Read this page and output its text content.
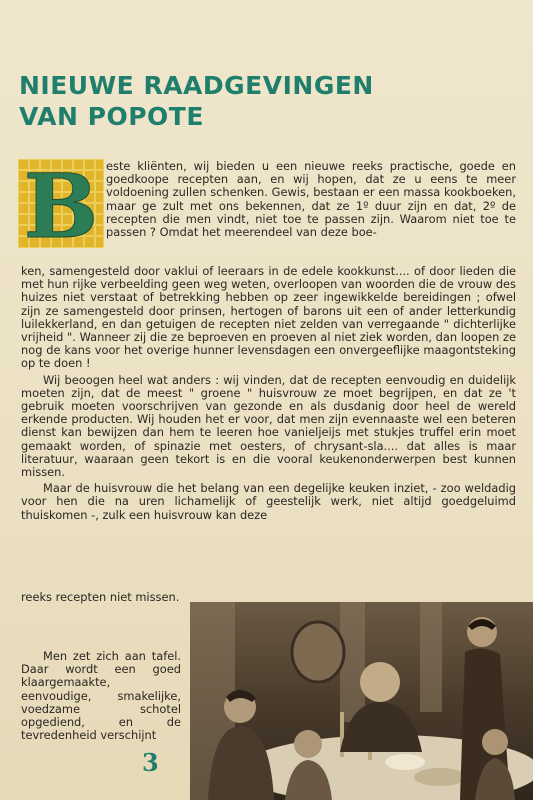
NIEUWE RAADGEVINGEN
VAN POPOTE
B este kliënten, wij bieden u een nieuwe reeks practische, goede en goedkoope recepten aan, en wij hopen, dat ze u eens te meer voldoening zullen schenken. Gewis, bestaan er een massa kookboeken, maar ge zult met ons bekennen, dat ze 1º duur zijn en dat, 2º de recepten die men vindt, niet toe te passen zijn. Waarom niet toe te passen ? Omdat het meerendeel van deze boe-

ken, samengesteld door vaklui of leeraars in de edele kookkunst.... of door lieden die met hun rijke verbeelding geen weg weten, overloopen van woorden die de vrouw des huizes niet verstaat of betrekking hebben op zeer ingewikkelde bereidingen ; ofwel zijn ze samengesteld door prinsen, hertogen of barons uit een of ander letterkundig luilekkerland, en dan getuigen de recepten niet zelden van verregaande " dichterlijke vrijheid ". Wanneer zij die ze beproeven en proeven al niet ziek worden, dan loopen ze nog de kans voor het overige hunner levensdagen een onvergeeflijke maagontsteking op te doen !

Wij beoogen heel wat anders : wij vinden, dat de recepten eenvoudig en duidelijk moeten zijn, dat de meest " groene " huisvrouw ze moet begrijpen, en dat ze 't gebruik moeten voorschrijven van gezonde en als dusdanig door heel de wereld erkende producten. Wij houden het er voor, dat men zijn evennaaste wel een beteren dienst kan bewijzen dan hem te leeren hoe vanieljeijs met stukjes truffel erin moet gemaakt worden, of spinazie met oesters, of chrysant-sla.... dat alles is maar literatuur, waaraan geen tekort is en die vooral keukenonderwerpen best kunnen missen.

Maar de huisvrouw die het belang van een degelijke keuken inziet, - zoo weldadig voor hen die na uren lichamelijk of geestelijk werk, niet altijd goedgeluimd thuiskomen -, zulk een huisvrouw kan deze

reeks recepten niet missen.

Men zet zich aan tafel. Daar wordt een goed klaargemaakte, eenvoudige, smakelijke, voedzame schotel opgediend, en de tevredenheid verschijnt

3
